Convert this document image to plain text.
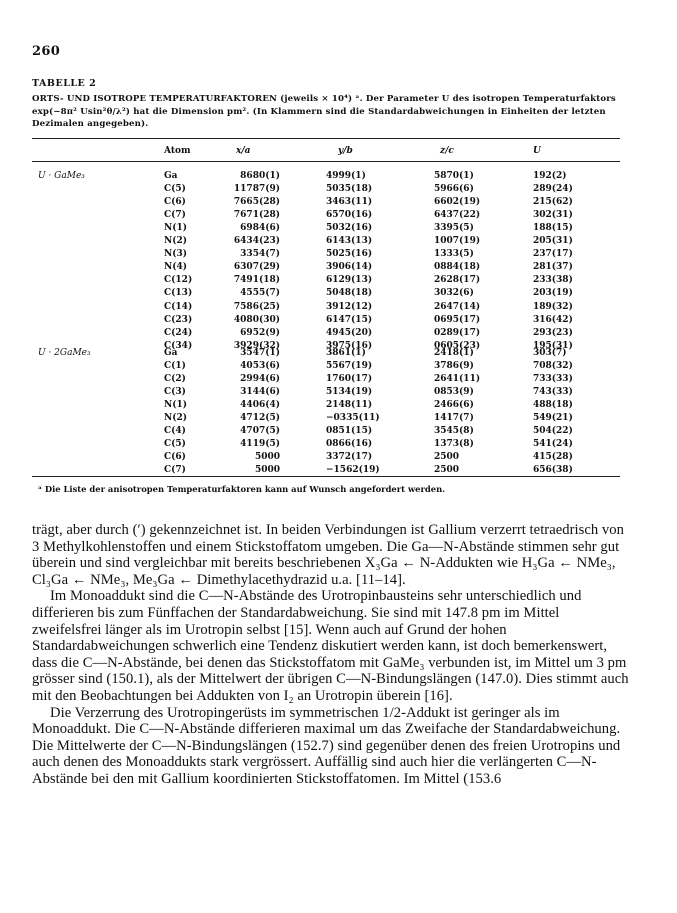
260
TABELLE 2
ORTS- UND ISOTROPE TEMPERATURFAKTOREN (jeweils × 10⁴) ᵃ. Der Parameter U des isotropen Temperaturfaktors exp(−8π² Usin²θ/λ²) hat die Dimension pm². (In Klammern sind die Standardabweichungen in Einheiten der letzten Dezimalen angegeben).
Atom	x/a	y/b	z/c	U
U · GaMe₃	Ga	8680(1)	4999(1)	5870(1)	192(2)
C(5)	11787(9)	5035(18)	5966(6)	289(24)
C(6)	7665(28)	3463(11)	6602(19)	215(62)
C(7)	7671(28)	6570(16)	6437(22)	302(31)
N(1)	6984(6)	5032(16)	3395(5)	188(15)
N(2)	6434(23)	6143(13)	1007(19)	205(31)
N(3)	3354(7)	5025(16)	1333(5)	237(17)
N(4)	6307(29)	3906(14)	0884(18)	281(37)
C(12)	7491(18)	6129(13)	2628(17)	233(38)
C(13)	4555(7)	5048(18)	3032(6)	203(19)
C(14)	7586(25)	3912(12)	2647(14)	189(32)
C(23)	4080(30)	6147(15)	0695(17)	316(42)
C(24)	6952(9)	4945(20)	0289(17)	293(23)
C(34)	3929(32)	3975(16)	0605(23)	195(31)
U · 2GaMe₃	Ga	3547(1)	3861(1)	2418(1)	303(7)
C(1)	4053(6)	5567(19)	3786(9)	708(32)
C(2)	2994(6)	1760(17)	2641(11)	733(33)
C(3)	3144(6)	5134(19)	0853(9)	743(33)
N(1)	4406(4)	2148(11)	2466(6)	488(18)
N(2)	4712(5)	−0335(11)	1417(7)	549(21)
C(4)	4707(5)	0851(15)	3545(8)	504(22)
C(5)	4119(5)	0866(16)	1373(8)	541(24)
C(6)	5000	3372(17)	2500	415(28)
C(7)	5000	−1562(19)	2500	656(38)
ᵃ Die Liste der anisotropen Temperaturfaktoren kann auf Wunsch angefordert werden.

trägt, aber durch (′) gekennzeichnet ist. In beiden Verbindungen ist Gallium verzerrt tetraedrisch von 3 Methylkohlenstoffen und einem Stickstoffatom umgeben. Die Ga—N-Abstände stimmen sehr gut überein und sind vergleichbar mit bereits beschriebenen X₃Ga ← N-Addukten wie H₃Ga ← NMe₃, Cl₃Ga ← NMe₃, Me₃Ga ← Dimethylacethydrazid u.a. [11–14].

Im Monoaddukt sind die C—N-Abstände des Urotropinbausteins sehr unterschiedlich und differieren bis zum Fünffachen der Standardabweichung. Sie sind mit 147.8 pm im Mittel zweifelsfrei länger als im Urotropin selbst [15]. Wenn auch auf Grund der hohen Standardabweichungen schwerlich eine Tendenz diskutiert werden kann, ist doch bemerkenswert, dass die C—N-Abstände, bei denen das Stickstoffatom mit GaMe₃ verbunden ist, im Mittel um 3 pm grösser sind (150.1), als der Mittelwert der übrigen C—N-Bindungslängen (147.0). Dies stimmt auch mit den Beobachtungen bei Addukten von I₂ an Urotropin überein [16].

Die Verzerrung des Urotropingerüsts im symmetrischen 1/2-Addukt ist geringer als im Monoaddukt. Die C—N-Abstände differieren maximal um das Zweifache der Standardabweichung. Die Mittelwerte der C—N-Bindungslängen (152.7) sind gegenüber denen des freien Urotropins und auch denen des Monoaddukts stark vergrössert. Auffällig sind auch hier die verlängerten C—N-Abstände bei den mit Gallium koordinierten Stickstoffatomen. Im Mittel (153.6
